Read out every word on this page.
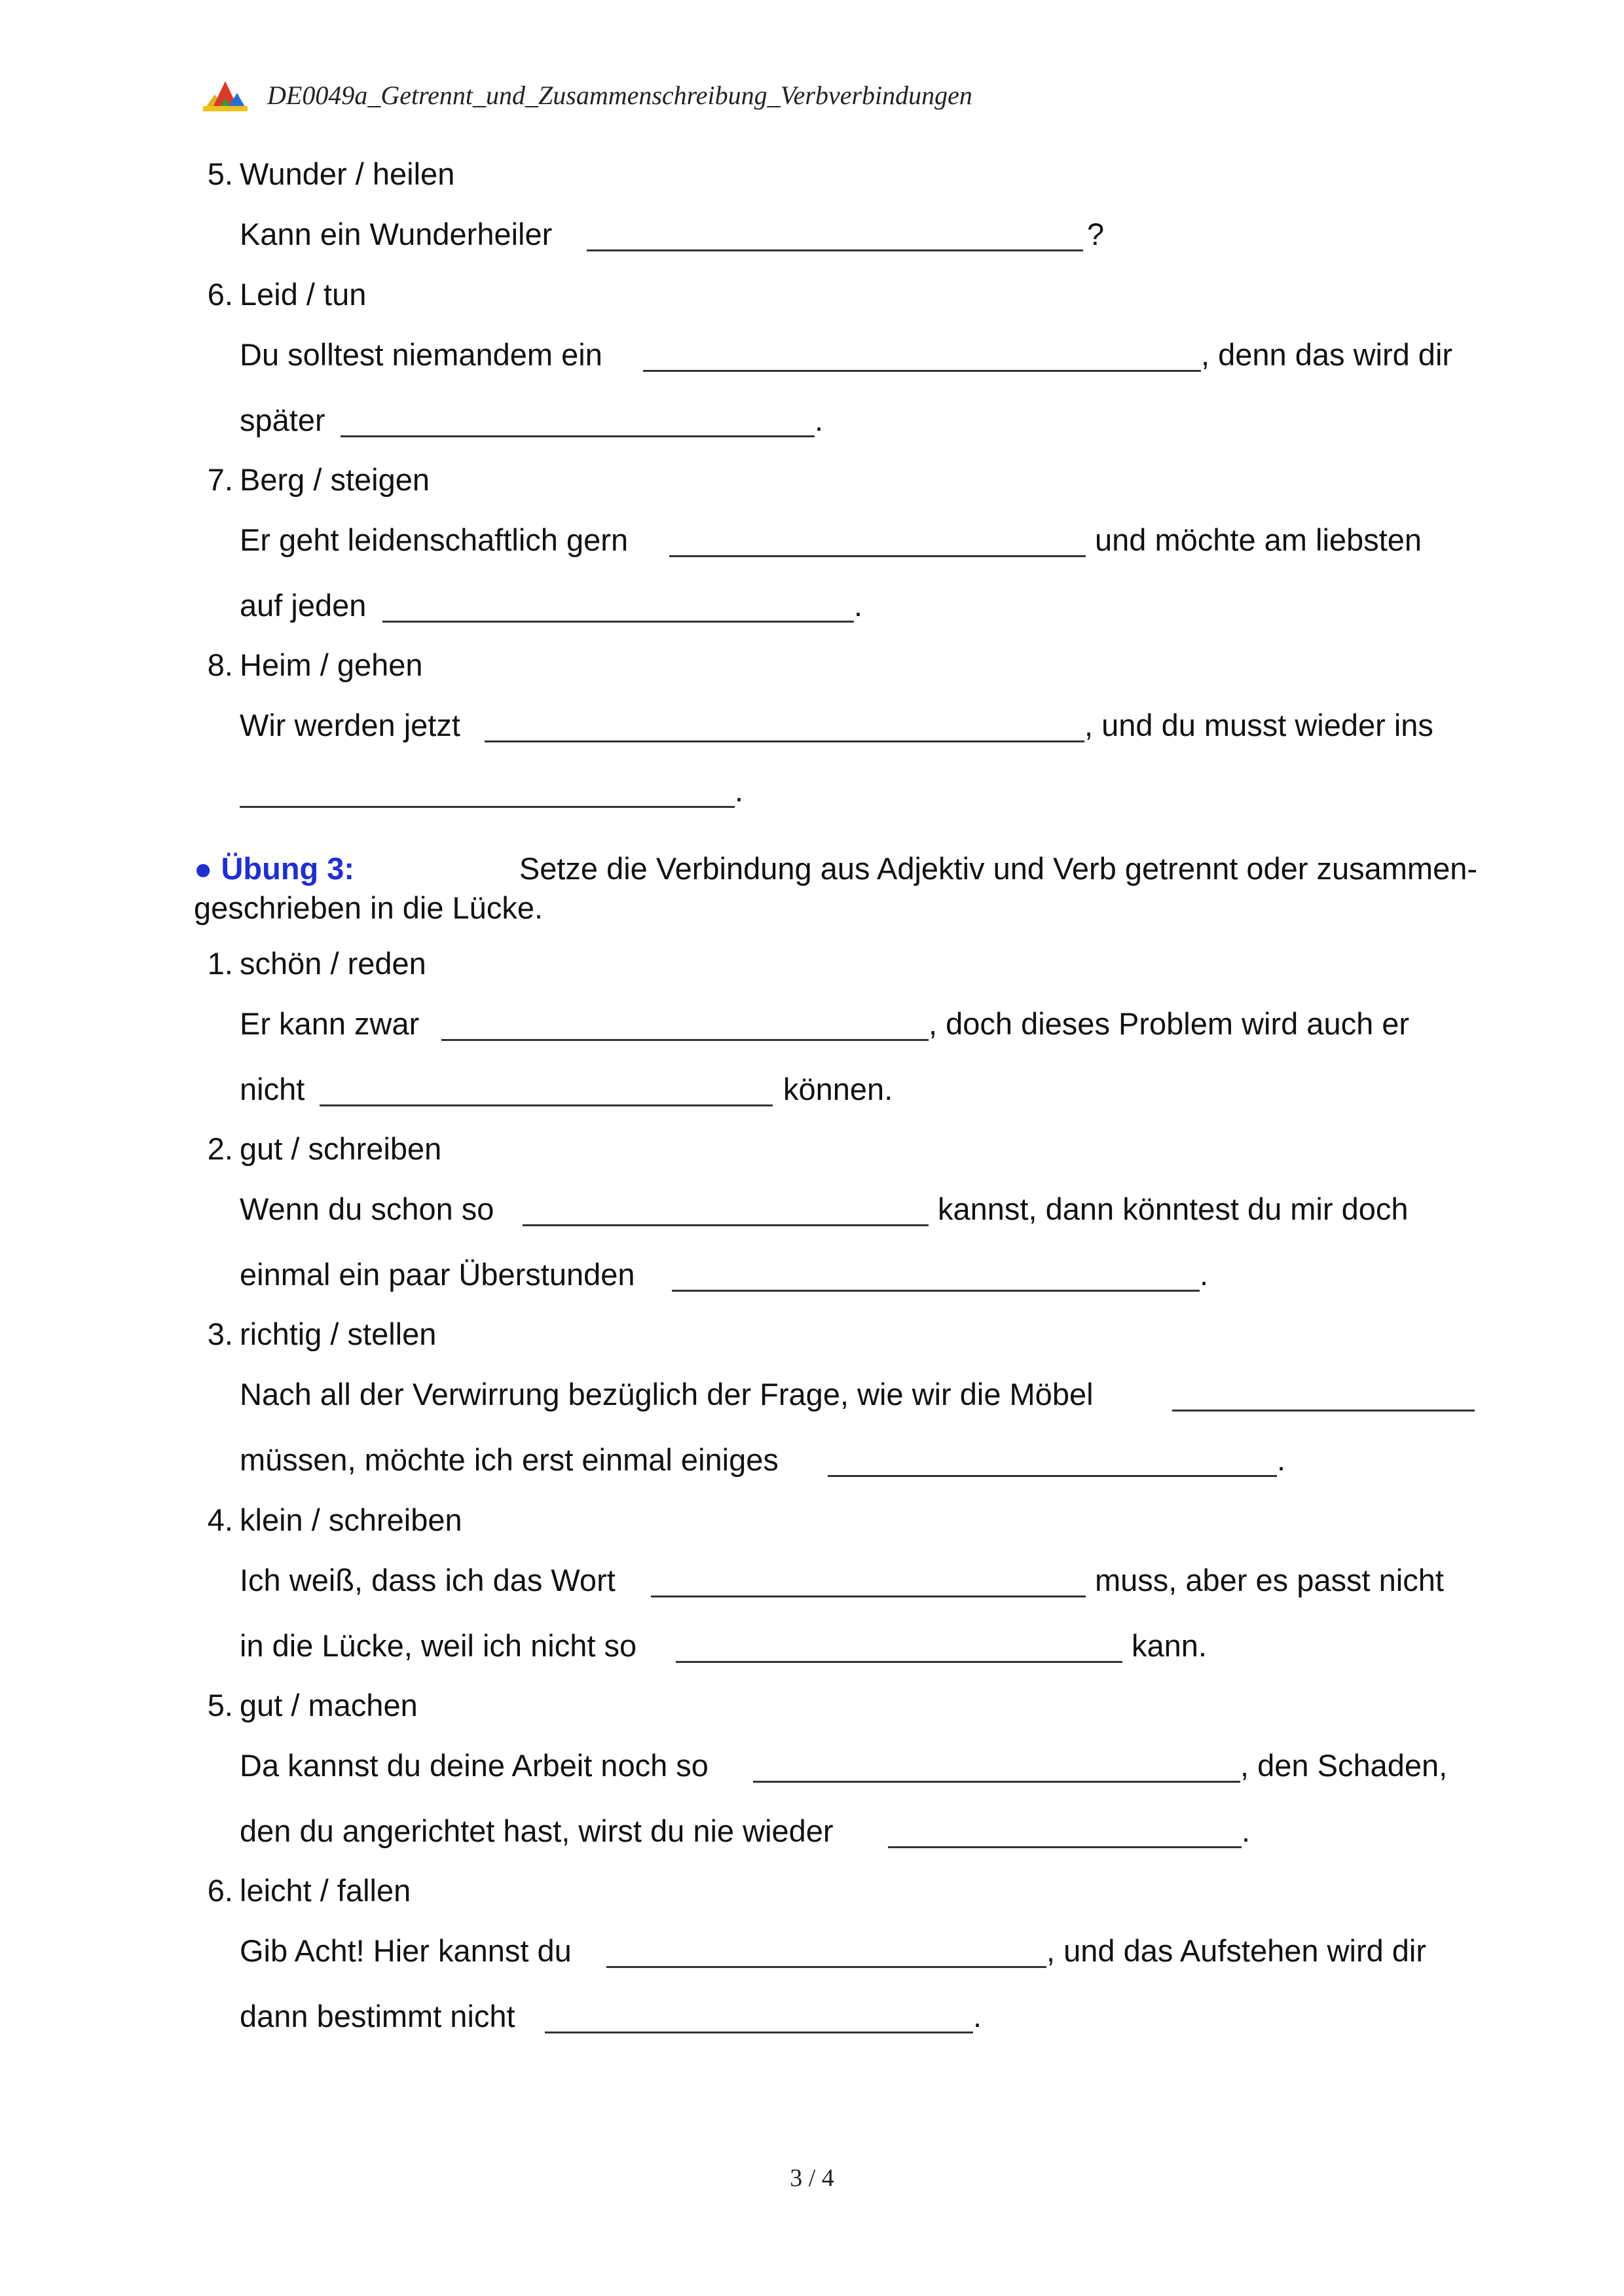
DE0049a_Getrennt_und_Zusammenschreibung_Verbverbindungen
5. Wunder / heilen
Kann ein Wunderheiler	?
6. Leid / tun
Du solltest niemandem ein	, denn das wird dir
später	.
7. Berg / steigen
Er geht leidenschaftlich gern	und möchte am liebsten
auf jeden	.
8. Heim / gehen
Wir werden jetzt	, und du musst wieder ins
.
● Übung 3:	Setze die Verbindung aus Adjektiv und Verb getrennt oder zusammen-
geschrieben in die Lücke.
1. schön / reden
Er kann zwar	, doch dieses Problem wird auch er
nicht	können.
2. gut / schreiben
Wenn du schon so	kannst, dann könntest du mir doch
einmal ein paar Überstunden	.
3. richtig / stellen
Nach all der Verwirrung bezüglich der Frage, wie wir die Möbel
müssen, möchte ich erst einmal einiges	.
4. klein / schreiben
Ich weiß, dass ich das Wort	muss, aber es passt nicht
in die Lücke, weil ich nicht so	kann.
5. gut / machen
Da kannst du deine Arbeit noch so	, den Schaden,
den du angerichtet hast, wirst du nie wieder	.
6. leicht / fallen
Gib Acht! Hier kannst du	, und das Aufstehen wird dir
dann bestimmt nicht	.
3 / 4
